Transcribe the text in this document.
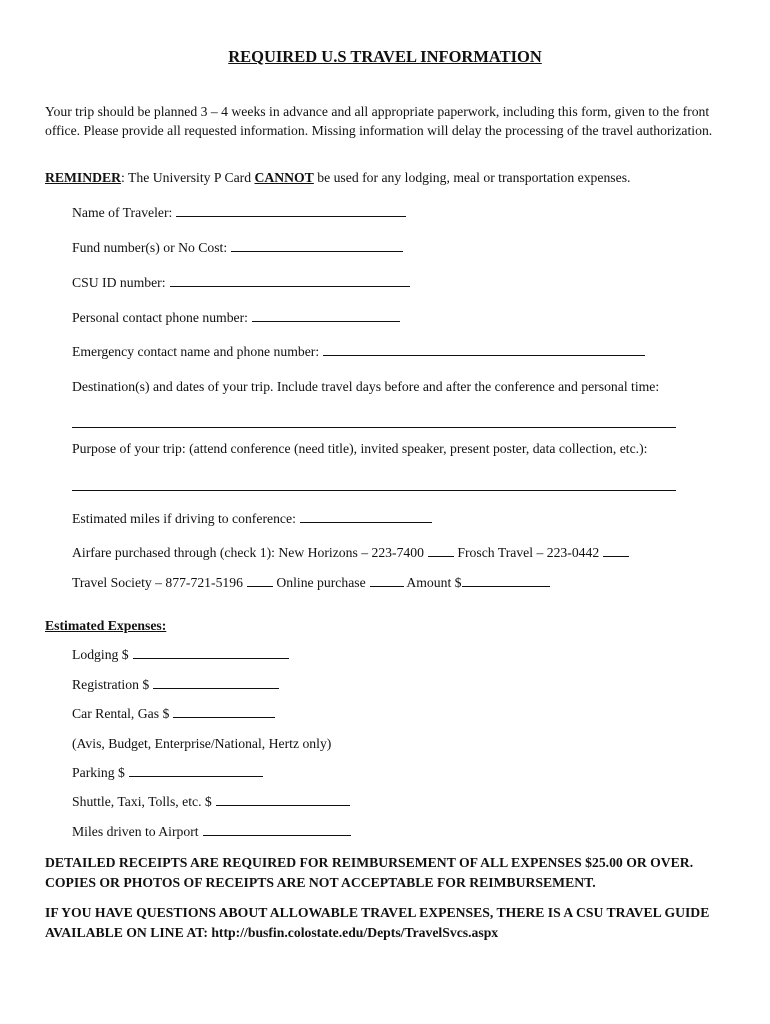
REQUIRED U.S TRAVEL INFORMATION
Your trip should be planned 3 – 4 weeks in advance and all appropriate paperwork, including this form, given to the front office. Please provide all requested information. Missing information will delay the processing of the travel authorization.
REMINDER: The University P Card CANNOT be used for any lodging, meal or transportation expenses.
Name of Traveler:
Fund number(s) or No Cost:
CSU ID number:
Personal contact phone number:
Emergency contact name and phone number:
Destination(s) and dates of your trip. Include travel days before and after the conference and personal time:
Purpose of your trip: (attend conference (need title), invited speaker, present poster, data collection, etc.):
Estimated miles if driving to conference:
Airfare purchased through (check 1): New Horizons – 223-7400 Frosch Travel – 223-0442
Travel Society – 877-721-5196 Online purchase	Amount $
Estimated Expenses:
Lodging $
Registration $
Car Rental, Gas $
(Avis, Budget, Enterprise/National, Hertz only)
Parking $
Shuttle, Taxi, Tolls, etc. $
Miles driven to Airport
DETAILED RECEIPTS ARE REQUIRED FOR REIMBURSEMENT OF ALL EXPENSES $25.00 OR OVER. COPIES OR PHOTOS OF RECEIPTS ARE NOT ACCEPTABLE FOR REIMBURSEMENT.
IF YOU HAVE QUESTIONS ABOUT ALLOWABLE TRAVEL EXPENSES, THERE IS A CSU TRAVEL GUIDE AVAILABLE ON LINE AT: http://busfin.colostate.edu/Depts/TravelSvcs.aspx
